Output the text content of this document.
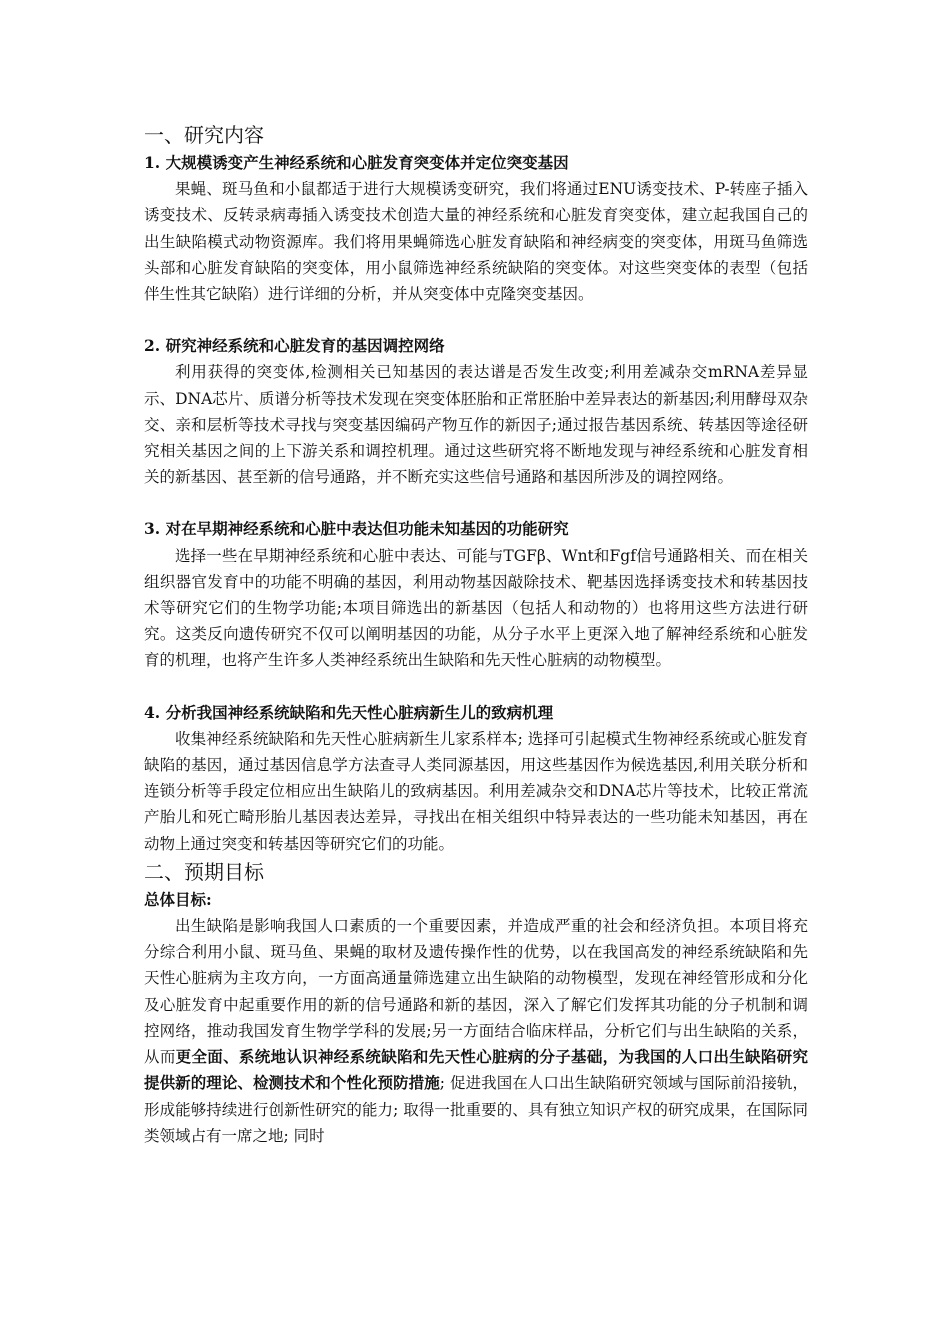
一、研究内容
1. 大规模诱变产生神经系统和心脏发育突变体并定位突变基因

果蝇、斑马鱼和小鼠都适于进行大规模诱变研究，我们将通过ENU诱变技术、P-转座子插入诱变技术、反转录病毒插入诱变技术创造大量的神经系统和心脏发育突变体，建立起我国自己的出生缺陷模式动物资源库。我们将用果蝇筛选心脏发育缺陷和神经病变的突变体，用斑马鱼筛选头部和心脏发育缺陷的突变体，用小鼠筛选神经系统缺陷的突变体。对这些突变体的表型（包括伴生性其它缺陷）进行详细的分析，并从突变体中克隆突变基因。

2. 研究神经系统和心脏发育的基因调控网络

利用获得的突变体,检测相关已知基因的表达谱是否发生改变;利用差减杂交mRNA差异显示、DNA芯片、质谱分析等技术发现在突变体胚胎和正常胚胎中差异表达的新基因;利用酵母双杂交、亲和层析等技术寻找与突变基因编码产物互作的新因子;通过报告基因系统、转基因等途径研究相关基因之间的上下游关系和调控机理。通过这些研究将不断地发现与神经系统和心脏发育相关的新基因、甚至新的信号通路，并不断充实这些信号通路和基因所涉及的调控网络。

3. 对在早期神经系统和心脏中表达但功能未知基因的功能研究

选择一些在早期神经系统和心脏中表达、可能与TGFβ、Wnt和Fgf信号通路相关、而在相关组织器官发育中的功能不明确的基因，利用动物基因敲除技术、靶基因选择诱变技术和转基因技术等研究它们的生物学功能;本项目筛选出的新基因（包括人和动物的）也将用这些方法进行研究。这类反向遗传研究不仅可以阐明基因的功能，从分子水平上更深入地了解神经系统和心脏发育的机理，也将产生许多人类神经系统出生缺陷和先天性心脏病的动物模型。

4. 分析我国神经系统缺陷和先天性心脏病新生儿的致病机理

收集神经系统缺陷和先天性心脏病新生儿家系样本; 选择可引起模式生物神经系统或心脏发育缺陷的基因，通过基因信息学方法查寻人类同源基因，用这些基因作为候选基因,利用关联分析和连锁分析等手段定位相应出生缺陷儿的致病基因。利用差减杂交和DNA芯片等技术，比较正常流产胎儿和死亡畸形胎儿基因表达差异，寻找出在相关组织中特异表达的一些功能未知基因，再在动物上通过突变和转基因等研究它们的功能。

二、预期目标
总体目标:

出生缺陷是影响我国人口素质的一个重要因素，并造成严重的社会和经济负担。本项目将充分综合利用小鼠、斑马鱼、果蝇的取材及遗传操作性的优势，以在我国高发的神经系统缺陷和先天性心脏病为主攻方向，一方面高通量筛选建立出生缺陷的动物模型，发现在神经管形成和分化及心脏发育中起重要作用的新的信号通路和新的基因，深入了解它们发挥其功能的分子机制和调控网络，推动我国发育生物学学科的发展;另一方面结合临床样品，分析它们与出生缺陷的关系，从而更全面、系统地认识神经系统缺陷和先天性心脏病的分子基础，为我国的人口出生缺陷研究提供新的理论、检测技术和个性化预防措施; 促进我国在人口出生缺陷研究领域与国际前沿接轨，形成能够持续进行创新性研究的能力; 取得一批重要的、具有独立知识产权的研究成果，在国际同类领域占有一席之地; 同时
